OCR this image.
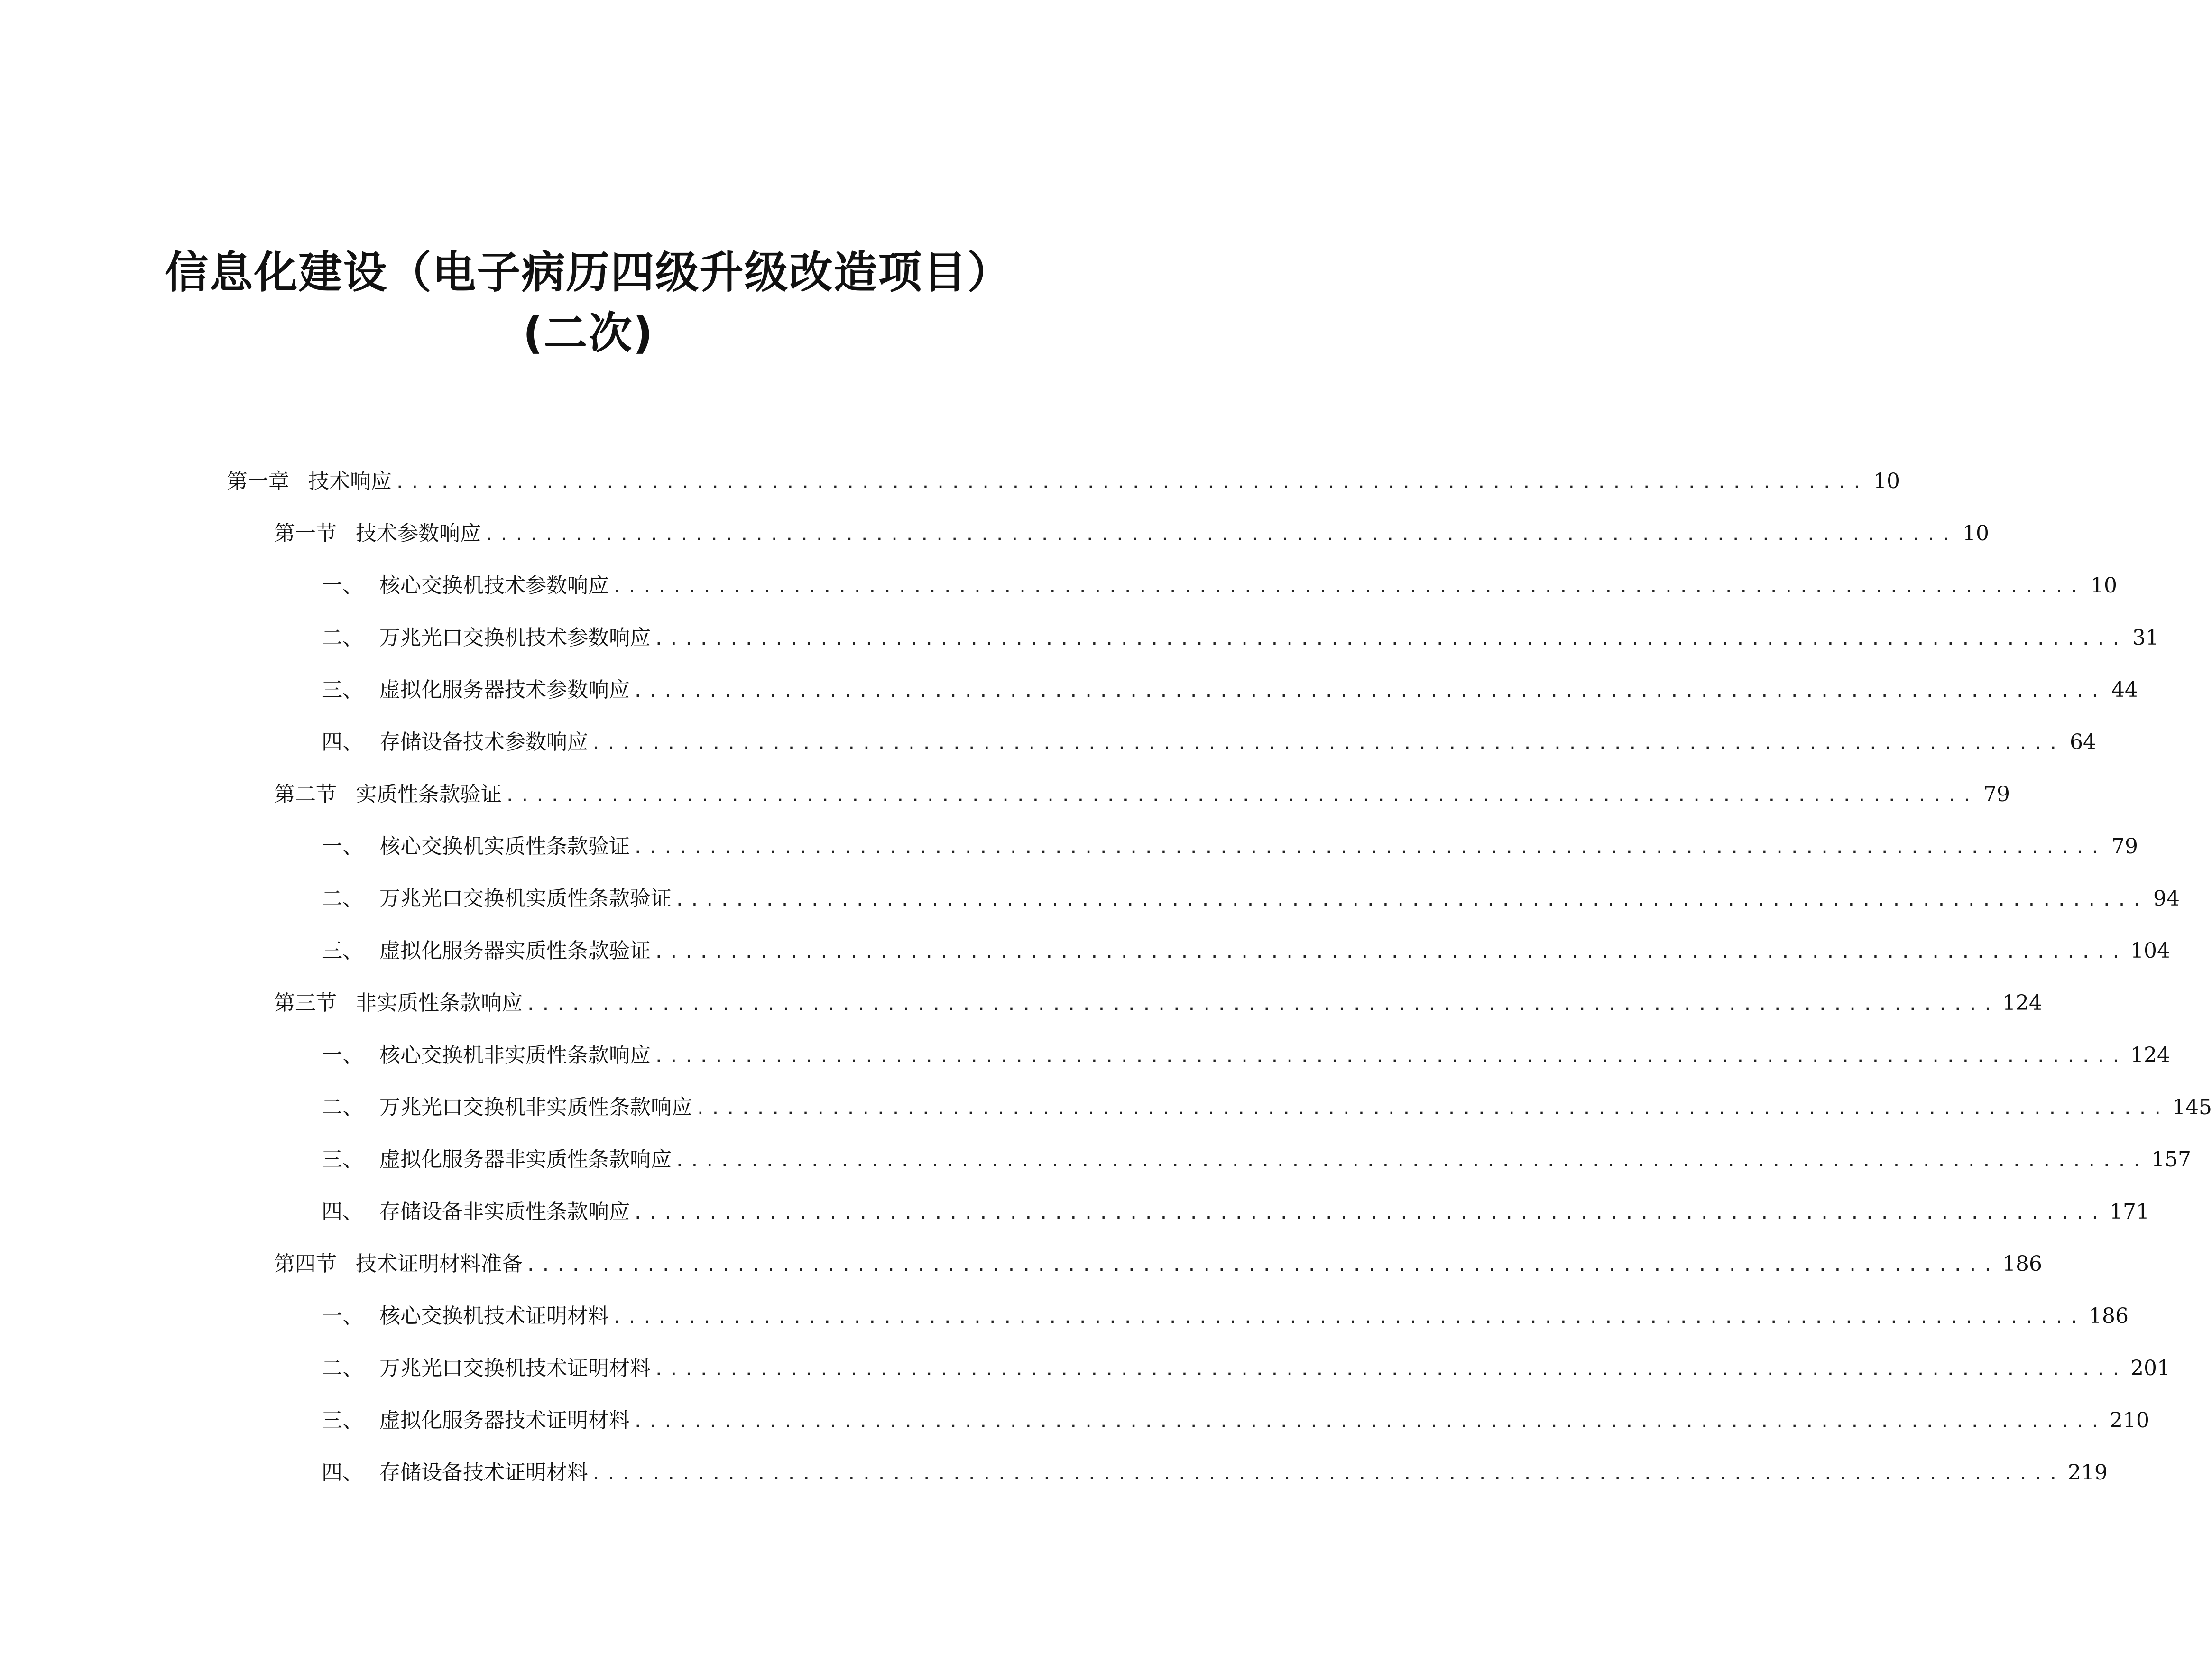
信息化建设（电子病历四级升级改造项目）
(二次)
第一章 技术响应 .................................................................................................. 10
第一节 技术参数响应 .................................................................................................. 10
一、 核心交换机技术参数响应 .................................................................................................. 10
二、 万兆光口交换机技术参数响应 .................................................................................................. 31
三、 虚拟化服务器技术参数响应 .................................................................................................. 44
四、 存储设备技术参数响应 .................................................................................................. 64
第二节 实质性条款验证 .................................................................................................. 79
一、 核心交换机实质性条款验证 .................................................................................................. 79
二、 万兆光口交换机实质性条款验证 .................................................................................................. 94
三、 虚拟化服务器实质性条款验证 .................................................................................................. 104
第三节 非实质性条款响应 .................................................................................................. 124
一、 核心交换机非实质性条款响应 .................................................................................................. 124
二、 万兆光口交换机非实质性条款响应 .................................................................................................. 145
三、 虚拟化服务器非实质性条款响应 .................................................................................................. 157
四、 存储设备非实质性条款响应 .................................................................................................. 171
第四节 技术证明材料准备 .................................................................................................. 186
一、 核心交换机技术证明材料 .................................................................................................. 186
二、 万兆光口交换机技术证明材料 .................................................................................................. 201
三、 虚拟化服务器技术证明材料 .................................................................................................. 210
四、 存储设备技术证明材料 .................................................................................................. 219
